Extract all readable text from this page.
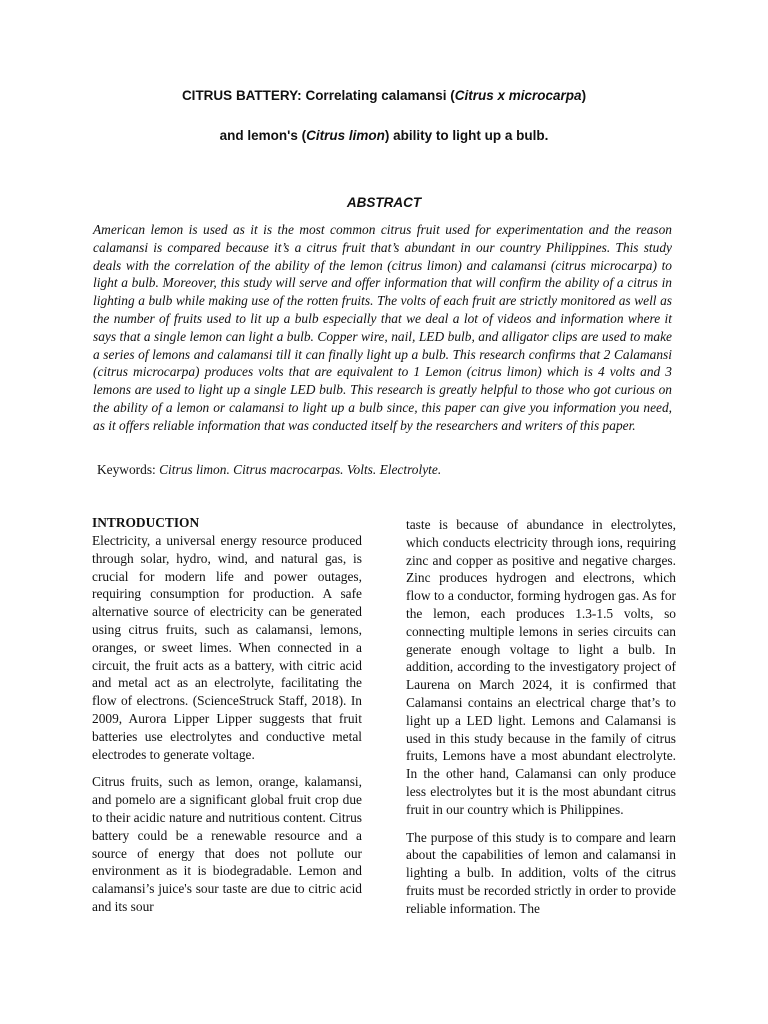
CITRUS BATTERY: Correlating calamansi (Citrus x microcarpa)
and lemon's (Citrus limon) ability to light up a bulb.
ABSTRACT

American lemon is used as it is the most common citrus fruit used for experimentation and the reason calamansi is compared because it’s a citrus fruit that’s abundant in our country Philippines. This study deals with the correlation of the ability of the lemon (citrus limon) and calamansi (citrus microcarpa) to light a bulb. Moreover, this study will serve and offer information that will confirm the ability of a citrus in lighting a bulb while making use of the rotten fruits. The volts of each fruit are strictly monitored as well as the number of fruits used to lit up a bulb especially that we deal a lot of videos and information where it says that a single lemon can light a bulb. Copper wire, nail, LED bulb, and alligator clips are used to make a series of lemons and calamansi till it can finally light up a bulb. This research confirms that 2 Calamansi (citrus microcarpa) produces volts that are equivalent to 1 Lemon (citrus limon) which is 4 volts and 3 lemons are used to light up a single LED bulb. This research is greatly helpful to those who got curious on the ability of a lemon or calamansi to light up a bulb since, this paper can give you information you need, as it offers reliable information that was conducted itself by the researchers and writers of this paper.

Keywords: Citrus limon. Citrus macrocarpas. Volts. Electrolyte.

INTRODUCTION

Electricity, a universal energy resource produced through solar, hydro, wind, and natural gas, is crucial for modern life and power outages, requiring consumption for production. A safe alternative source of electricity can be generated using citrus fruits, such as calamansi, lemons, oranges, or sweet limes. When connected in a circuit, the fruit acts as a battery, with citric acid and metal act as an electrolyte, facilitating the flow of electrons. (ScienceStruck Staff, 2018). In 2009, Aurora Lipper Lipper suggests that fruit batteries use electrolytes and conductive metal electrodes to generate voltage.

Citrus fruits, such as lemon, orange, kalamansi, and pomelo are a significant global fruit crop due to their acidic nature and nutritious content. Citrus battery could be a renewable resource and a source of energy that does not pollute our environment as it is biodegradable. Lemon and calamansi’s juice's sour taste are due to citric acid and its sour

taste is because of abundance in electrolytes, which conducts electricity through ions, requiring zinc and copper as positive and negative charges. Zinc produces hydrogen and electrons, which flow to a conductor, forming hydrogen gas. As for the lemon, each produces 1.3-1.5 volts, so connecting multiple lemons in series circuits can generate enough voltage to light a bulb. In addition, according to the investigatory project of Laurena on March 2024, it is confirmed that Calamansi contains an electrical charge that’s to light up a LED light. Lemons and Calamansi is used in this study because in the family of citrus fruits, Lemons have a most abundant electrolyte. In the other hand, Calamansi can only produce less electrolytes but it is the most abundant citrus fruit in our country which is Philippines.

The purpose of this study is to compare and learn about the capabilities of lemon and calamansi in lighting a bulb. In addition, volts of the citrus fruits must be recorded strictly in order to provide reliable information. The
